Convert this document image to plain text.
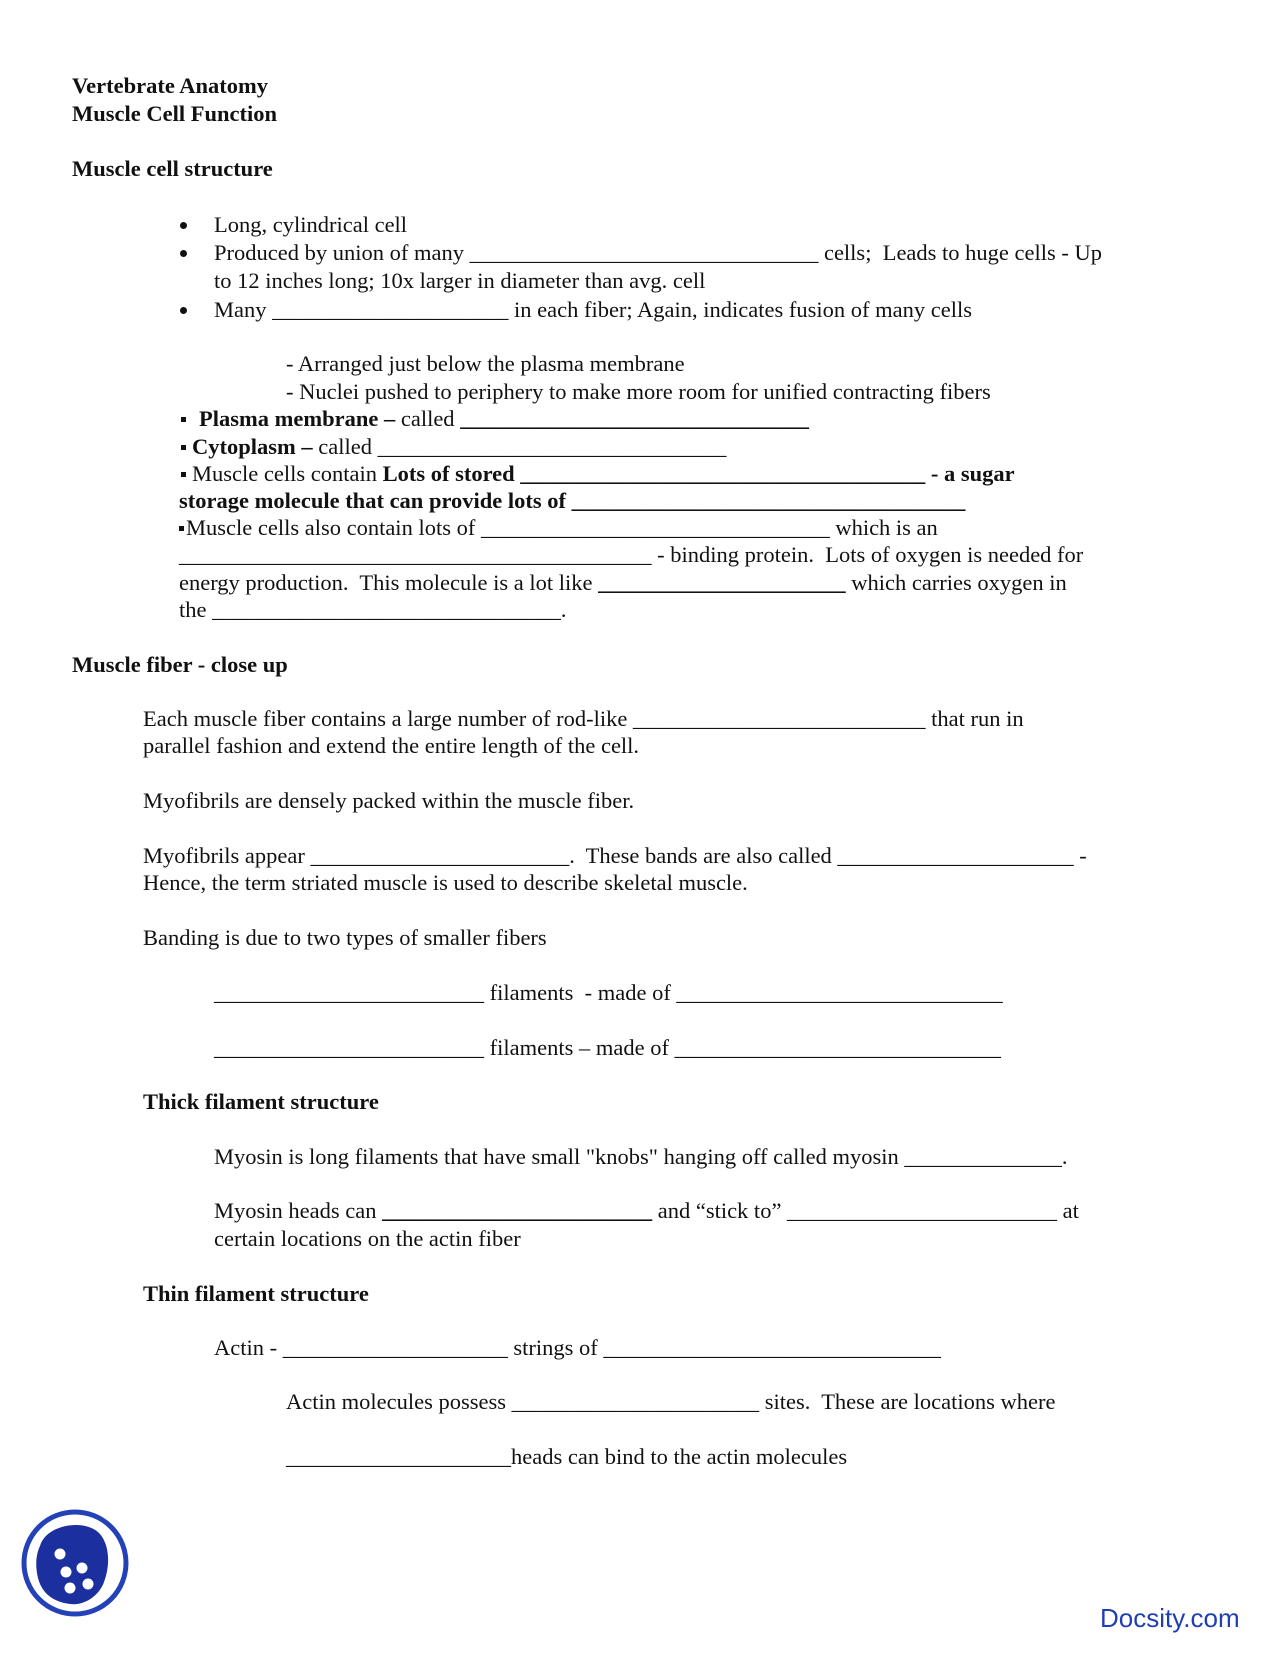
Vertebrate Anatomy
Muscle Cell Function
Muscle cell structure
Long, cylindrical cell
Produced by union of many _______________________________ cells;  Leads to huge cells - Up
to 12 inches long; 10x larger in diameter than avg. cell
Many _____________________ in each fiber; Again, indicates fusion of many cells
- Arranged just below the plasma membrane
- Nuclei pushed to periphery to make more room for unified contracting fibers
Plasma membrane – called _______________________________
Cytoplasm – called _______________________________
Muscle cells contain Lots of stored ____________________________________ - a sugar
storage molecule that can provide lots of ___________________________________
Muscle cells also contain lots of _______________________________ which is an
__________________________________________ - binding protein.  Lots of oxygen is needed for
energy production.  This molecule is a lot like ______________________ which carries oxygen in
the _______________________________.
Muscle fiber - close up
Each muscle fiber contains a large number of rod-like __________________________ that run in
parallel fashion and extend the entire length of the cell.
Myofibrils are densely packed within the muscle fiber.
Myofibrils appear _______________________.  These bands are also called _____________________ -
Hence, the term striated muscle is used to describe skeletal muscle.
Banding is due to two types of smaller fibers
________________________ filaments  - made of _____________________________
________________________ filaments – made of _____________________________
Thick filament structure
Myosin is long filaments that have small "knobs" hanging off called myosin ______________.
Myosin heads can ________________________ and “stick to” ________________________ at
certain locations on the actin fiber
Thin filament structure
Actin - ____________________ strings of ______________________________
Actin molecules possess ______________________ sites.  These are locations where
____________________heads can bind to the actin molecules
Docsity.com
